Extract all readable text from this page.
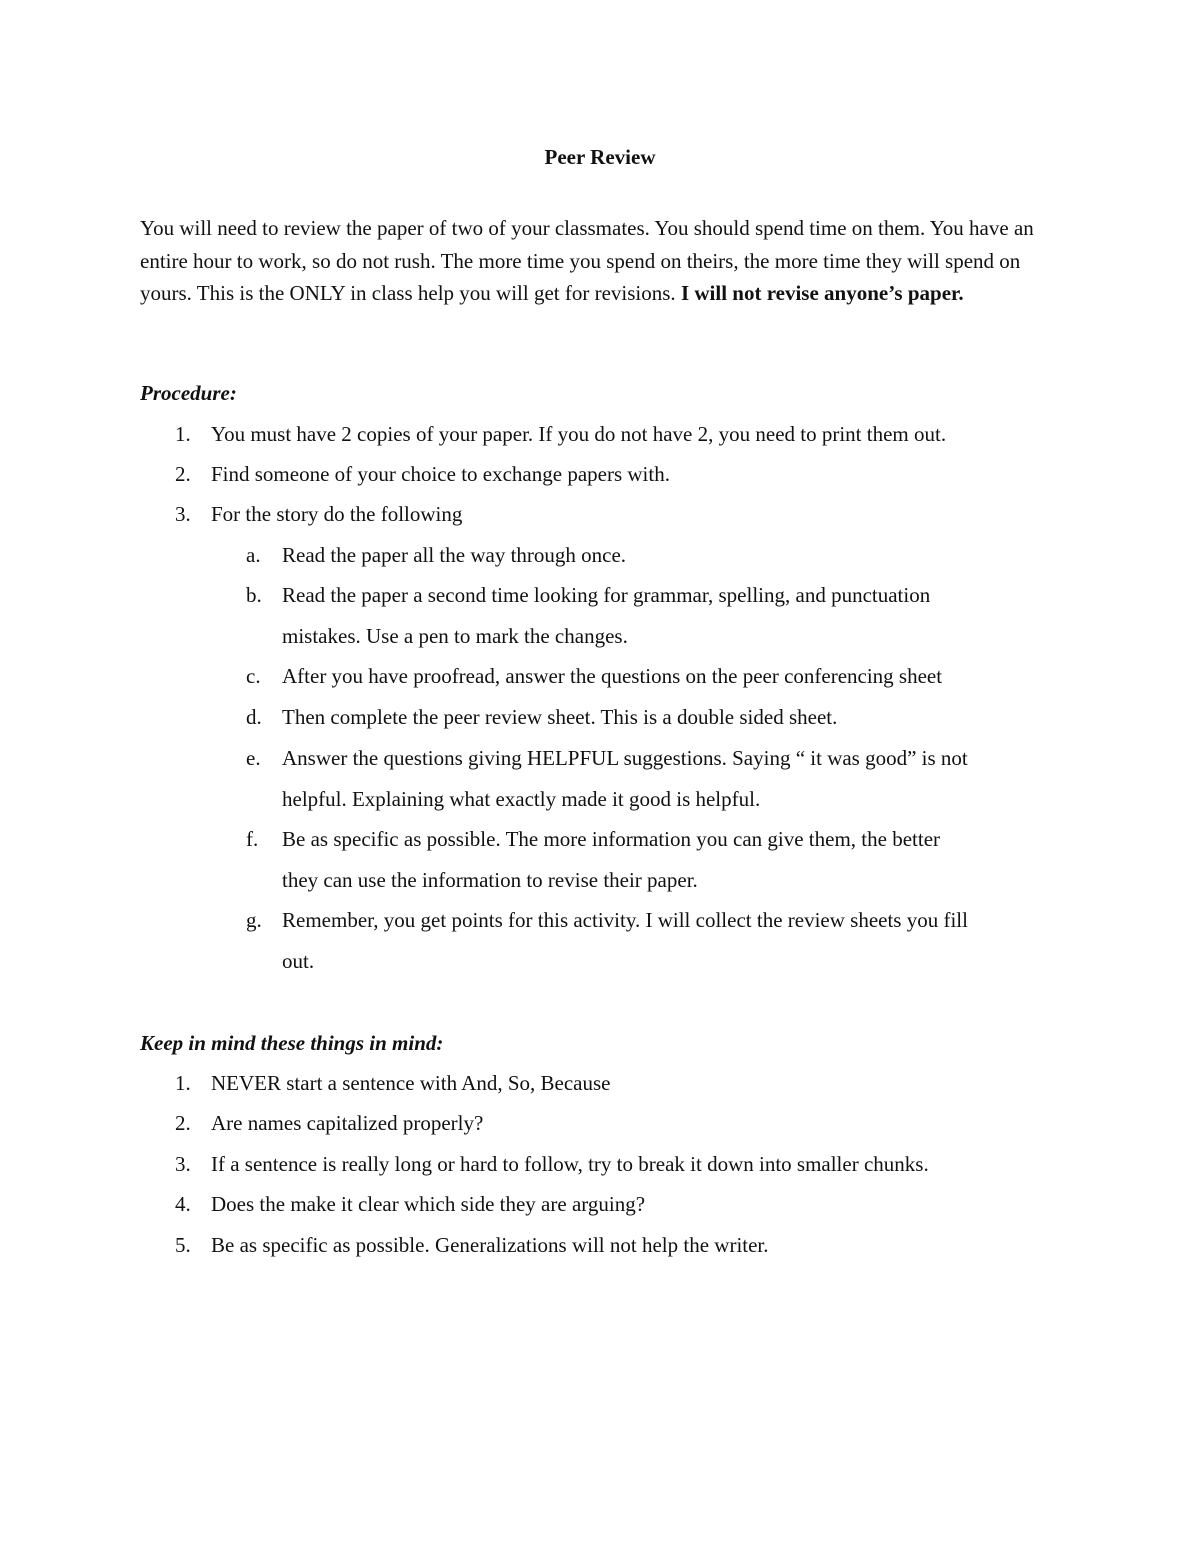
Peer Review
You will need to review the paper of two of your classmates. You should spend time on them. You have an entire hour to work, so do not rush. The more time you spend on theirs, the more time they will spend on yours. This is the ONLY in class help you will get for revisions. I will not revise anyone’s paper.
Procedure:
1. You must have 2 copies of your paper. If you do not have 2, you need to print them out.
2. Find someone of your choice to exchange papers with.
3. For the story do the following
a.	Read the paper all the way through once.
b. Read the paper a second time looking for grammar, spelling, and punctuation
mistakes. Use a pen to mark the changes.
c.	After you have proofread, answer the questions on the peer conferencing sheet
d. Then complete the peer review sheet. This is a double sided sheet.
e.	Answer the questions giving HELPFUL suggestions. Saying “ it was good” is not
helpful. Explaining what exactly made it good is helpful.
f.	Be as specific as possible. The more information you can give them, the better
they can use the information to revise their paper.
g. Remember, you get points for this activity. I will collect the review sheets you fill
out.
Keep in mind these things in mind:
1. NEVER start a sentence with And, So, Because
2. Are names capitalized properly?
3. If a sentence is really long or hard to follow, try to break it down into smaller chunks.
4. Does the make it clear which side they are arguing?
5. Be as specific as possible. Generalizations will not help the writer.
